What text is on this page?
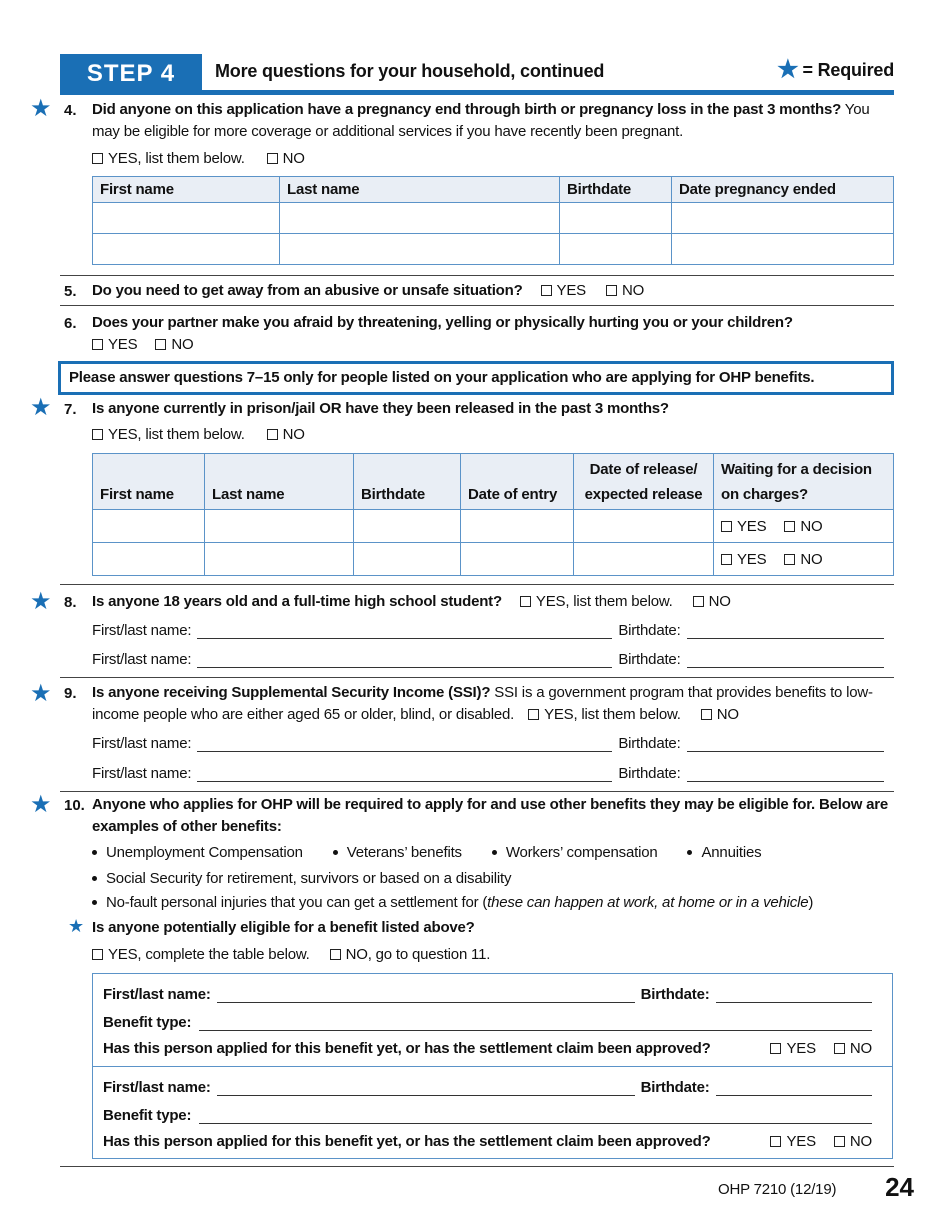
STEP 4	More questions for your household, continued	★ = Required
★ 4. Did anyone on this application have a pregnancy end through birth or pregnancy loss in the past 3 months? You may be eligible for more coverage or additional services if you have recently been pregnant.
YES, list them below.	NO
First name	Last name	Birthdate	Date pregnancy ended

5. Do you need to get away from an abusive or unsafe situation? YES NO
6. Does your partner make you afraid by threatening, yelling or physically hurting you or your children?
YES NO
Please answer questions 7–15 only for people listed on your application who are applying for OHP benefits.
★ 7. Is anyone currently in prison/jail OR have they been released in the past 3 months?
YES, list them below.	NO
First name	Last name	Birthdate	Date of entry	Date of release/ expected release	Waiting for a decision on charges?
					YES NO
					YES NO
★ 8. Is anyone 18 years old and a full-time high school student? YES, list them below. NO
First/last name:	Birthdate:
First/last name:	Birthdate:
★ 9. Is anyone receiving Supplemental Security Income (SSI)? SSI is a government program that provides benefits to low-income people who are either aged 65 or older, blind, or disabled. YES, list them below. NO
First/last name:	Birthdate:
First/last name:	Birthdate:
★ 10. Anyone who applies for OHP will be required to apply for and use other benefits they may be eligible for. Below are examples of other benefits:
Unemployment Compensation	Veterans’ benefits	Workers’ compensation	Annuities
Social Security for retirement, survivors or based on a disability
No-fault personal injuries that you can get a settlement for ( these can happen at work, at home or in a vehicle )
★ Is anyone potentially eligible for a benefit listed above?
YES, complete the table below. NO, go to question 11.
First/last name:	Birthdate:
Benefit type:
Has this person applied for this benefit yet, or has the settlement claim been approved?	YES	NO
First/last name:	Birthdate:
Benefit type:
Has this person applied for this benefit yet, or has the settlement claim been approved?	YES	NO
OHP 7210 (12/19) 24
